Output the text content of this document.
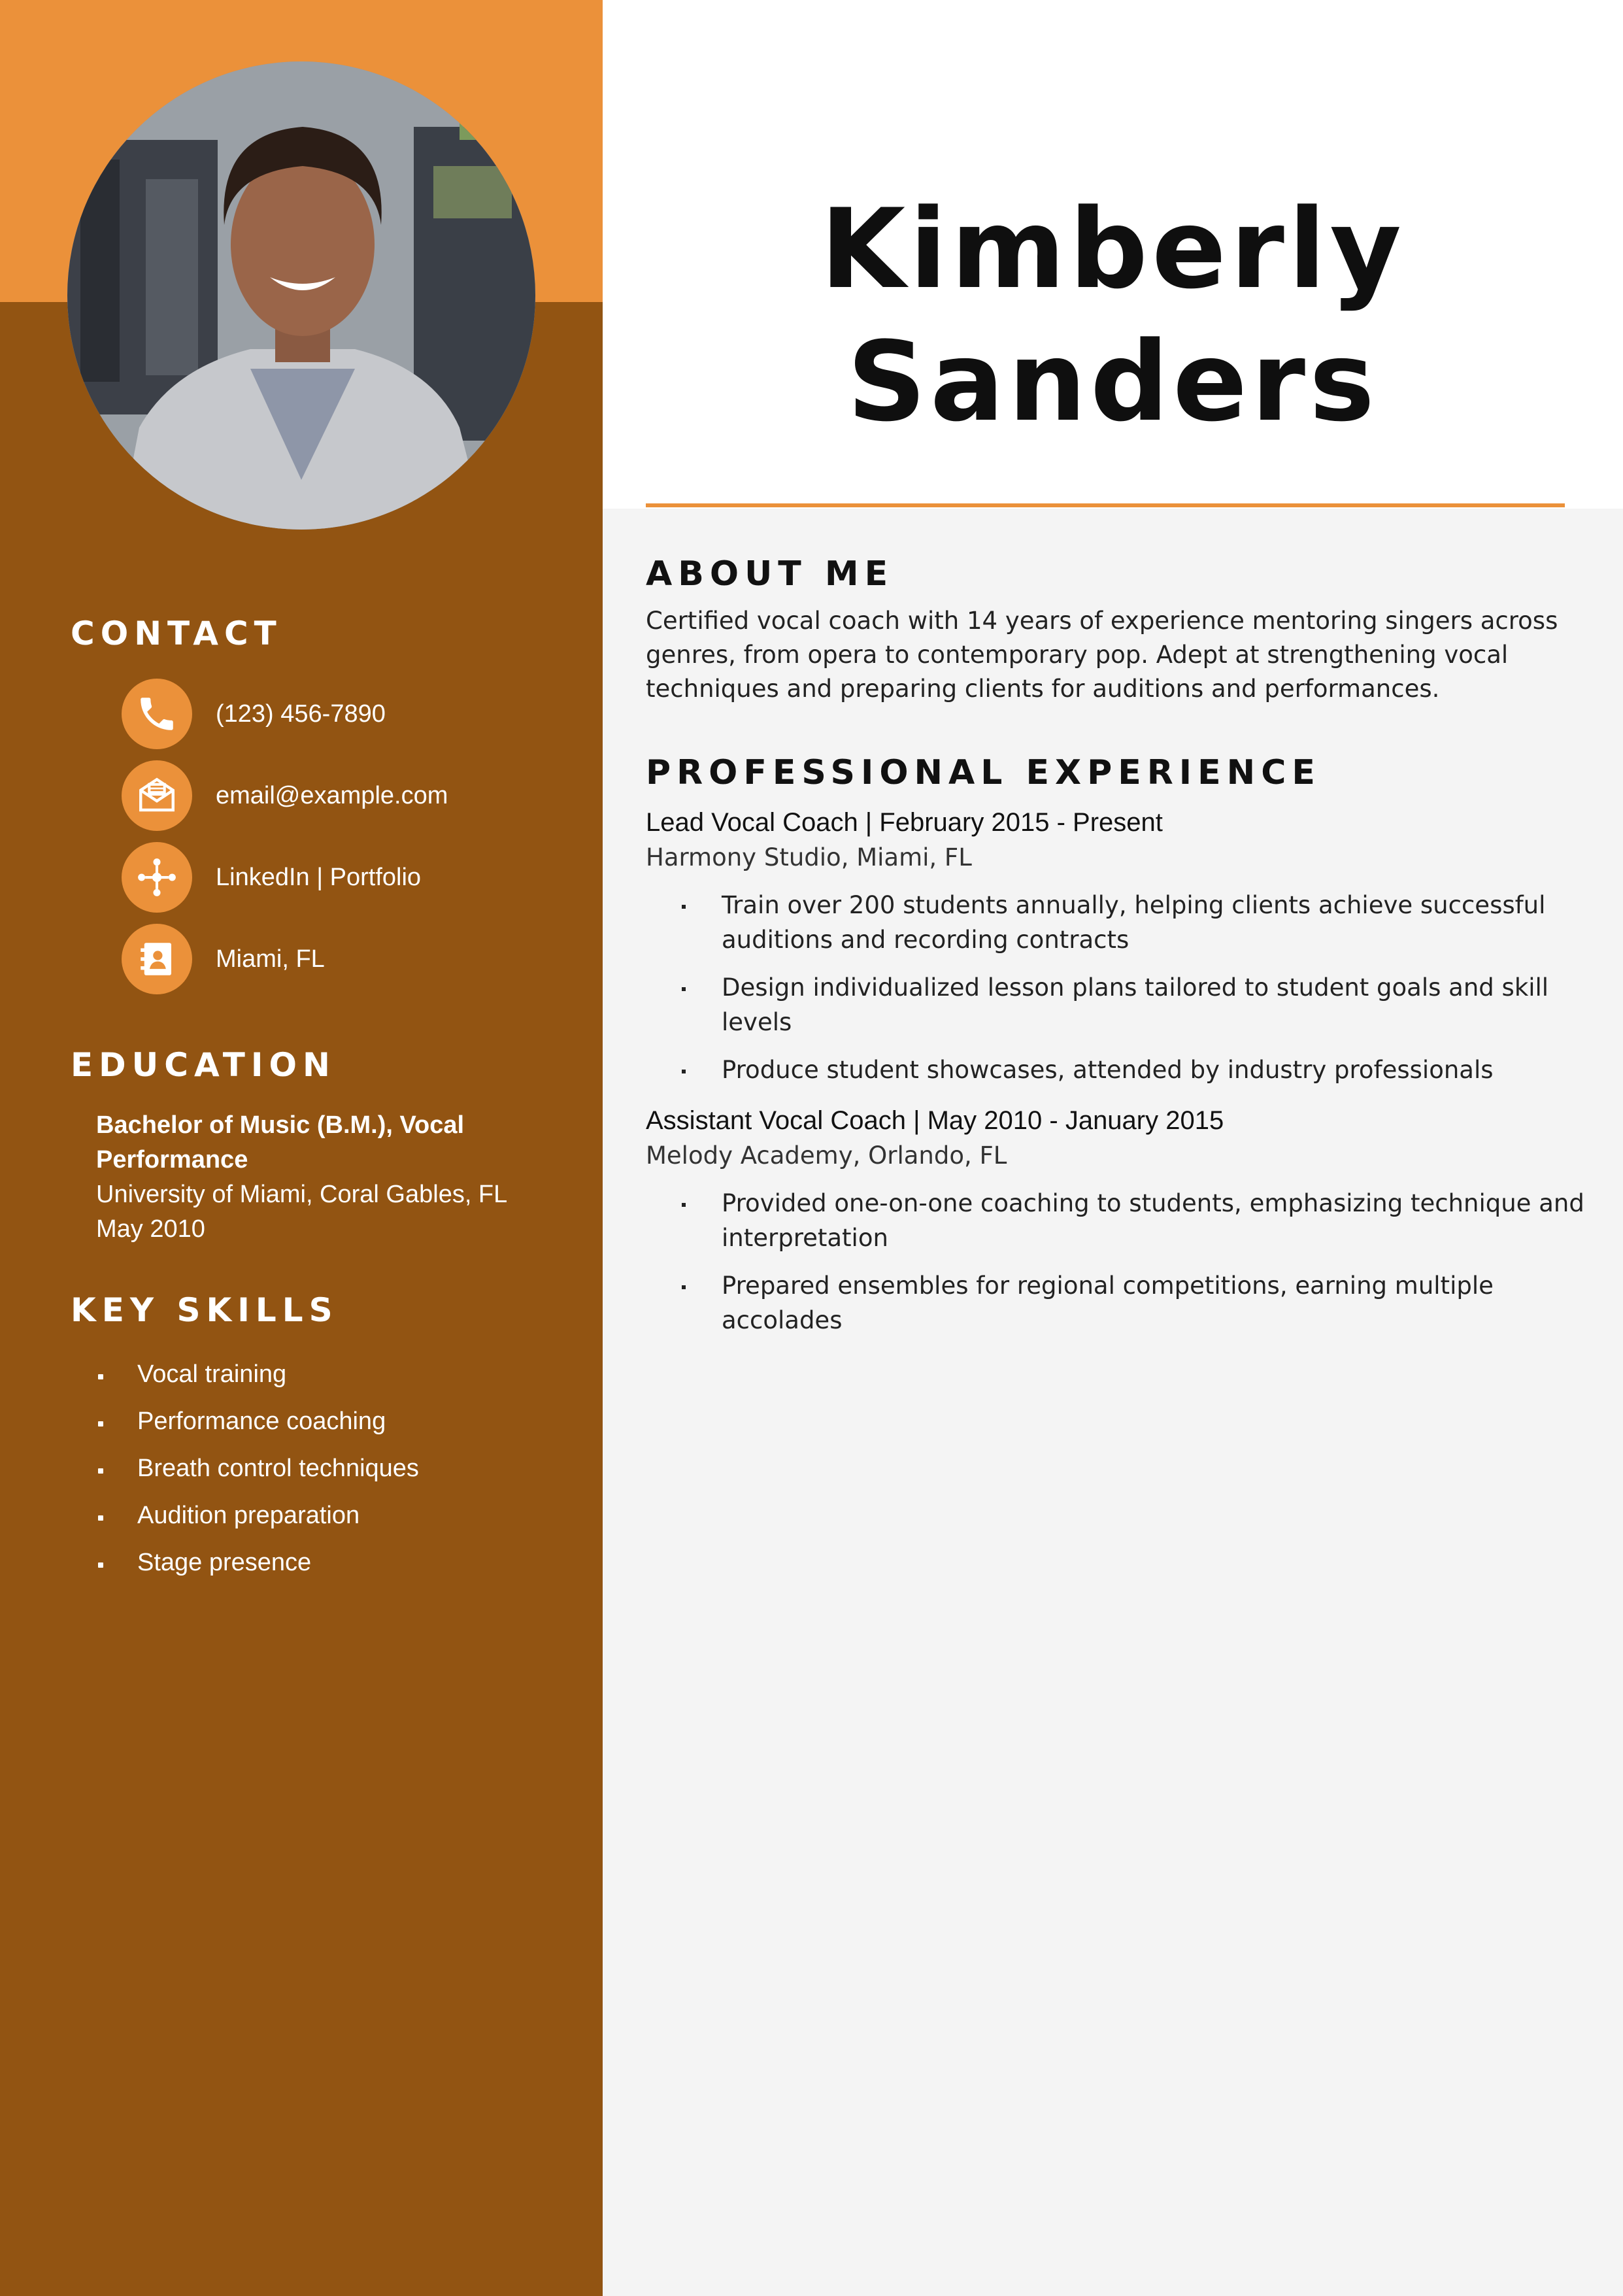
CONTACT
(123) 456-7890
email@example.com
LinkedIn | Portfolio
Miami, FL
EDUCATION
Bachelor of Music (B.M.), Vocal Performance
University of Miami, Coral Gables, FL
May 2010
KEY SKILLS
Vocal training
Performance coaching
Breath control techniques
Audition preparation
Stage presence
Kimberly
Sanders
ABOUT ME
Certified vocal coach with 14 years of experience mentoring singers across genres, from opera to contemporary pop. Adept at strengthening vocal techniques and preparing clients for auditions and performances.
PROFESSIONAL EXPERIENCE
Lead Vocal Coach | February 2015 - Present
Harmony Studio, Miami, FL
Train over 200 students annually, helping clients achieve successful auditions and recording contracts
Design individualized lesson plans tailored to student goals and skill levels
Produce student showcases, attended by industry professionals
Assistant Vocal Coach | May 2010 - January 2015
Melody Academy, Orlando, FL
Provided one-on-one coaching to students, emphasizing technique and interpretation
Prepared ensembles for regional competitions, earning multiple accolades
